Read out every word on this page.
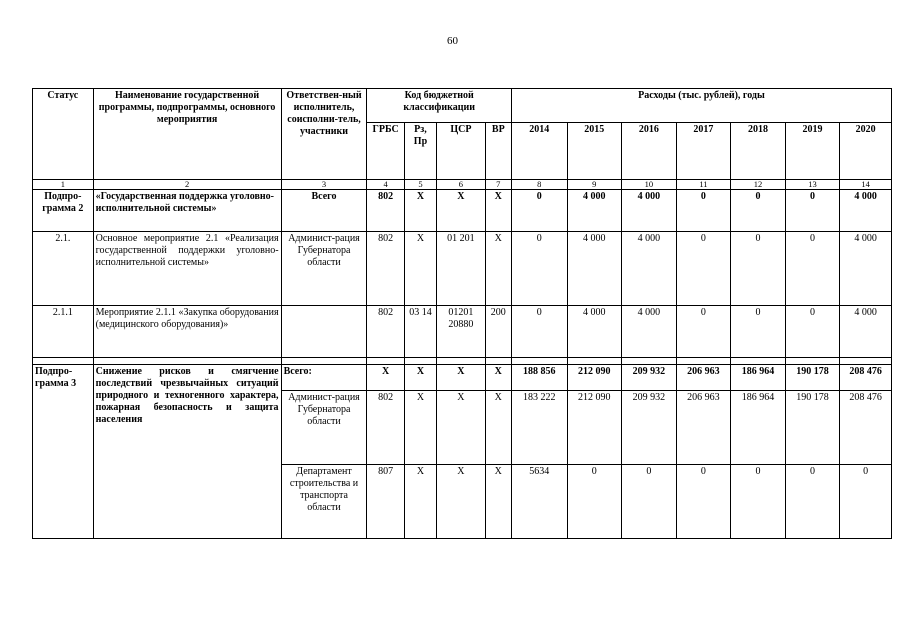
60
Статус	Наименование государственной программы, подпрограммы, основного мероприятия	Ответствен-ный исполнитель, соисполни-тель, участники	Код бюджетной классификации				Расходы (тыс. рублей), годы						
			ГРБС	Рз, Пр	ЦСР	ВР	2014	2015	2016	2017	2018	2019	2020
1	2	3	4	5	6	7	8	9	10	11	12	13	14
Подпро-грамма 2	«Государственная поддержка уголовно-исполнительной системы»	Всего	802	Х	Х	Х	0	4 000	4 000	0	0	0	4 000
2.1.	Основное мероприятие 2.1 «Реализация государственной поддержки уголовно-исполнительной системы»	Админист-рация Губернатора области	802	Х	01 201	Х	0	4 000	4 000	0	0	0	4 000
2.1.1	Мероприятие 2.1.1 «Закупка оборудования (медицинского оборудования)»		802	03 14	01201 20880	200	0	4 000	4 000	0	0	0	4 000

Подпро-грамма 3	Снижение рисков и смягчение последствий чрезвычайных ситуаций природного и техногенного характера, пожарная безопасность и защита населения	Всего:	Х	Х	Х	Х	188 856	212 090	209 932	206 963	186 964	190 178	208 476
		Админист-рация Губернатора области	802	Х	Х	Х	183 222	212 090	209 932	206 963	186 964	190 178	208 476
		Департамент строительства и транспорта области	807	Х	Х	Х	5634	0	0	0	0	0	0
